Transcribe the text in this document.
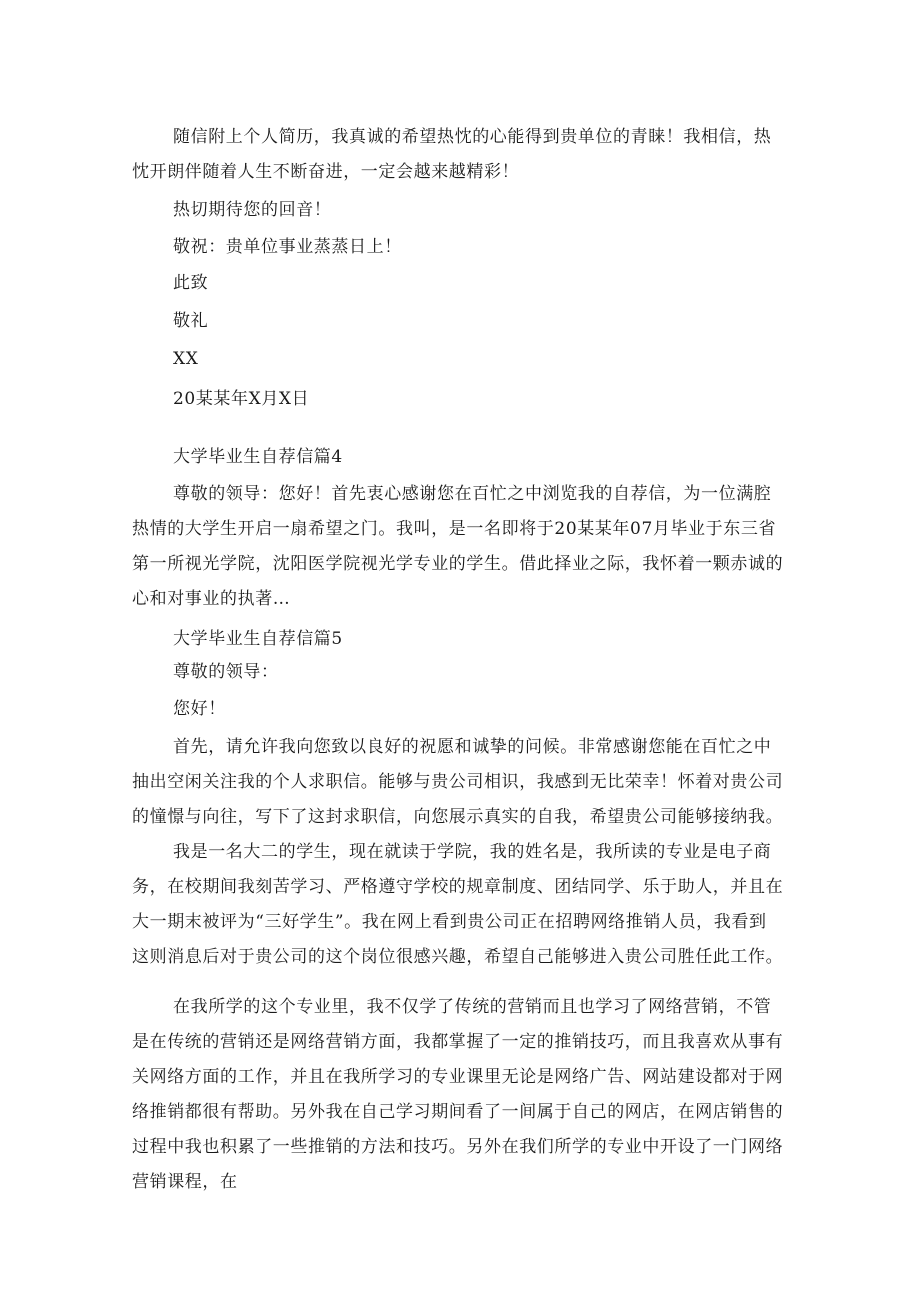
随信附上个人简历，我真诚的希望热忱的心能得到贵单位的青睐！我相信，热忱开朗伴随着人生不断奋进，一定会越来越精彩！
热切期待您的回音！
敬祝：贵单位事业蒸蒸日上！
此致
敬礼
XX
20某某年X月X日
大学毕业生自荐信篇4
尊敬的领导：您好！首先衷心感谢您在百忙之中浏览我的自荐信，为一位满腔热情的大学生开启一扇希望之门。我叫，是一名即将于20某某年07月毕业于东三省第一所视光学院，沈阳医学院视光学专业的学生。借此择业之际，我怀着一颗赤诚的心和对事业的执著…
大学毕业生自荐信篇5
尊敬的领导：
您好！
首先，请允许我向您致以良好的祝愿和诚挚的问候。非常感谢您能在百忙之中抽出空闲关注我的个人求职信。能够与贵公司相识，我感到无比荣幸！怀着对贵公司的憧憬与向往，写下了这封求职信，向您展示真实的自我，希望贵公司能够接纳我。
我是一名大二的学生，现在就读于学院，我的姓名是，我所读的专业是电子商务，在校期间我刻苦学习、严格遵守学校的规章制度、团结同学、乐于助人，并且在大一期末被评为“三好学生”。我在网上看到贵公司正在招聘网络推销人员，我看到这则消息后对于贵公司的这个岗位很感兴趣，希望自己能够进入贵公司胜任此工作。
在我所学的这个专业里，我不仅学了传统的营销而且也学习了网络营销，不管是在传统的营销还是网络营销方面，我都掌握了一定的推销技巧，而且我喜欢从事有关网络方面的工作，并且在我所学习的专业课里无论是网络广告、网站建设都对于网络推销都很有帮助。另外我在自己学习期间看了一间属于自己的网店，在网店销售的过程中我也积累了一些推销的方法和技巧。另外在我们所学的专业中开设了一门网络营销课程，在
